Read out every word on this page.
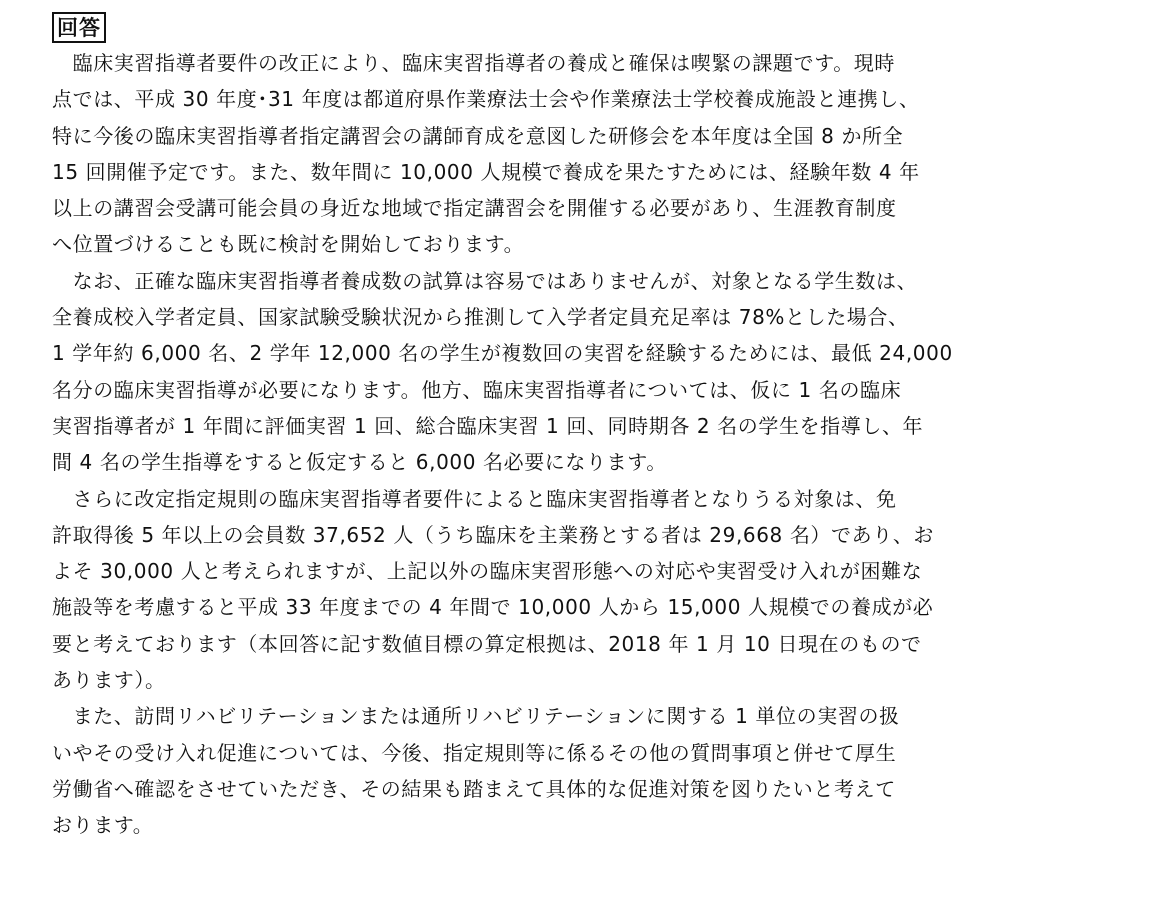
回答
　臨床実習指導者要件の改正により、臨床実習指導者の養成と確保は喫緊の課題です。現時
点では、平成 30 年度･31 年度は都道府県作業療法士会や作業療法士学校養成施設と連携し、
特に今後の臨床実習指導者指定講習会の講師育成を意図した研修会を本年度は全国 8 か所全
15 回開催予定です。また、数年間に 10,000 人規模で養成を果たすためには、経験年数 4 年
以上の講習会受講可能会員の身近な地域で指定講習会を開催する必要があり、生涯教育制度
へ位置づけることも既に検討を開始しております。
　なお、正確な臨床実習指導者養成数の試算は容易ではありませんが、対象となる学生数は、
全養成校入学者定員、国家試験受験状況から推測して入学者定員充足率は 78%とした場合、
1 学年約 6,000 名、2 学年 12,000 名の学生が複数回の実習を経験するためには、最低 24,000
名分の臨床実習指導が必要になります。他方、臨床実習指導者については、仮に 1 名の臨床
実習指導者が 1 年間に評価実習 1 回、総合臨床実習 1 回、同時期各 2 名の学生を指導し、年
間 4 名の学生指導をすると仮定すると 6,000 名必要になります。
　さらに改定指定規則の臨床実習指導者要件によると臨床実習指導者となりうる対象は、免
許取得後 5 年以上の会員数 37,652 人（うち臨床を主業務とする者は 29,668 名）であり、お
よそ 30,000 人と考えられますが、上記以外の臨床実習形態への対応や実習受け入れが困難な
施設等を考慮すると平成 33 年度までの 4 年間で 10,000 人から 15,000 人規模での養成が必
要と考えております（本回答に記す数値目標の算定根拠は、2018 年 1 月 10 日現在のもので
あります）。
　また、訪問リハビリテーションまたは通所リハビリテーションに関する 1 単位の実習の扱
いやその受け入れ促進については、今後、指定規則等に係るその他の質問事項と併せて厚生
労働省へ確認をさせていただき、その結果も踏まえて具体的な促進対策を図りたいと考えて
おります。
